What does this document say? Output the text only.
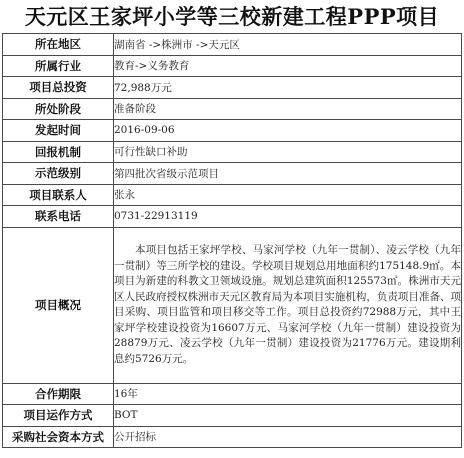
天元区王家坪小学等三校新建工程PPP项目
所在地区	湖南省 ->株洲市 ->天元区
所属行业	教育->义务教育
项目总投资	72,988万元
所处阶段	准备阶段
发起时间	2016-09-06
回报机制	可行性缺口补助
示范级别	第四批次省级示范项目
项目联系人	张永
联系电话	0731-22913119
项目概况	本项目包括王家坪学校、马家河学校（九年一贯制）、凌云学校（九年一贯制）等三所学校的建设。学校项目规划总用地面积约175148.9㎡。本项目为新建的科教文卫领域设施。规划总建筑面积125573㎡。株洲市天元区人民政府授权株洲市天元区教育局为本项目实施机构，负责项目准备、项目采购、项目监管和项目移交等工作。项目总投资约72988万元，其中王家坪学校建设投资为16607万元、马家河学校（九年一贯制）建设投资为28879万元、凌云学校（九年一贯制）建设投资为21776万元。建设期利息约5726万元。
合作期限	16年
项目运作方式	BOT
采购社会资本方式	公开招标
